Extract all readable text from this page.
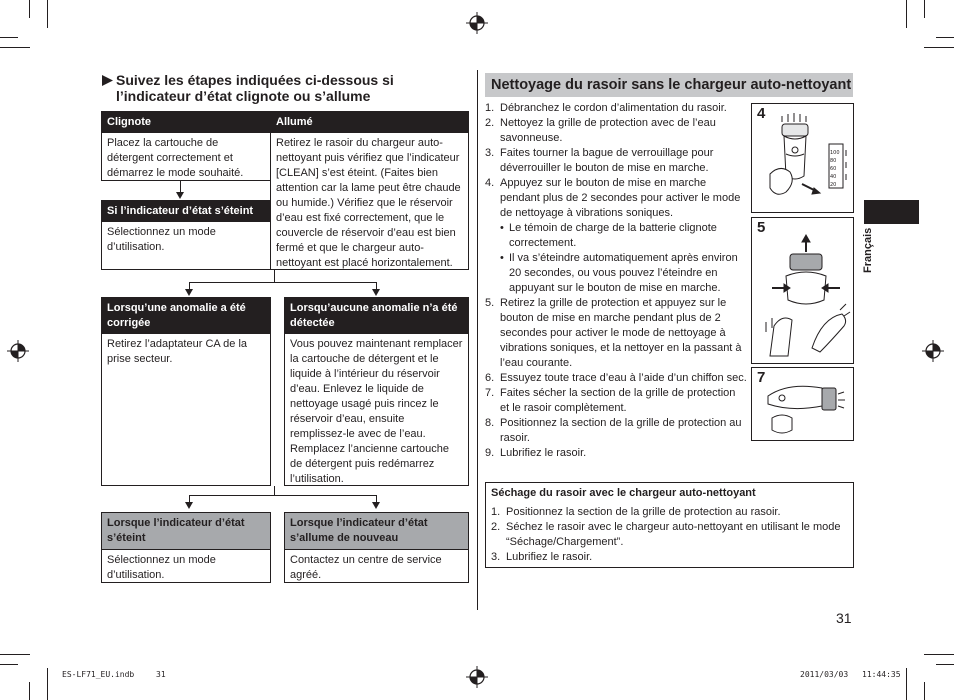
Suivez les étapes indiquées ci-dessous si l’indicateur d’état clignote ou s’allume
Clignote
Placez la cartouche de détergent correctement et démarrez le mode souhaité.
Allumé
Retirez le rasoir du chargeur auto-nettoyant puis vérifiez que l’indicateur [CLEAN] s’est éteint. (Faites bien attention car la lame peut être chaude ou humide.) Vérifiez que le réservoir d’eau est fixé correctement, que le couvercle de réservoir d’eau est bien fermé et que le chargeur auto-nettoyant est placé horizontalement.
Si l’indicateur d’état s’éteint
Sélectionnez un mode d’utilisation.
Lorsqu’une anomalie a été corrigée
Retirez l’adaptateur CA de la prise secteur.
Lorsqu’aucune anomalie n’a été détectée
Vous pouvez maintenant remplacer la cartouche de détergent et le liquide à l’intérieur du réservoir d’eau. Enlevez le liquide de nettoyage usagé puis rincez le réservoir d’eau, ensuite remplissez-le avec de l’eau. Remplacez l’ancienne cartouche de détergent puis redémarrez l’utilisation.
Lorsque l’indicateur d’état s’éteint
Sélectionnez un mode d’utilisation.
Lorsque l’indicateur d’état s’allume de nouveau
Contactez un centre de service agréé.
Nettoyage du rasoir sans le chargeur auto-nettoyant
1. Débranchez le cordon d’alimentation du rasoir.
2. Nettoyez la grille de protection avec de l’eau savonneuse.
3. Faites tourner la bague de verrouillage pour déverrouiller le bouton de mise en marche.
4. Appuyez sur le bouton de mise en marche pendant plus de 2 secondes pour activer le mode de nettoyage à vibrations soniques.
• Le témoin de charge de la batterie clignote correctement.
• Il va s’éteindre automatiquement après environ 20 secondes, ou vous pouvez l’éteindre en appuyant sur le bouton de mise en marche.
5. Retirez la grille de protection et appuyez sur le bouton de mise en marche pendant plus de 2 secondes pour activer le mode de nettoyage à vibrations soniques, et la nettoyer en la passant à l’eau courante.
6. Essuyez toute trace d’eau à l’aide d’un chiffon sec.
7. Faites sécher la section de la grille de protection et le rasoir complètement.
8. Positionnez la section de la grille de protection au rasoir.
9. Lubrifiez le rasoir.
4
100
80
60
40
20
5
7
Séchage du rasoir avec le chargeur auto-nettoyant
1. Positionnez la section de la grille de protection au rasoir.
2. Séchez le rasoir avec le chargeur auto-nettoyant en utilisant le mode “Séchage/Chargement”.
3. Lubrifiez le rasoir.
Français
31
ES-LF71_EU.indb	31	2011/03/03 11:44:35
